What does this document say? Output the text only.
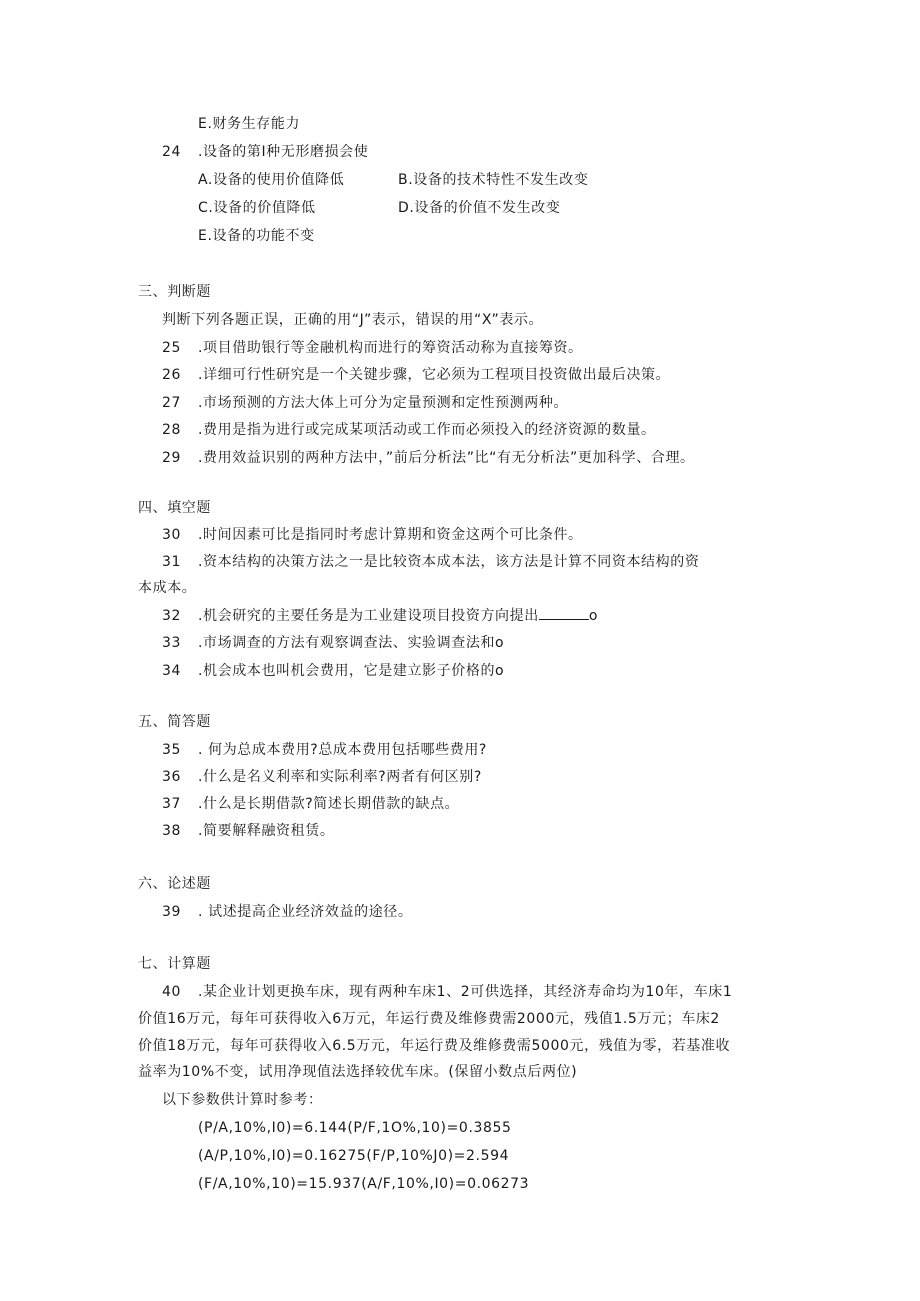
E.财务生存能力
24 .设备的第Ⅰ种无形磨损会使
A.设备的使用价值降低	B.设备的技术特性不发生改变
C.设备的价值降低	D.设备的价值不发生改变
E.设备的功能不变
三、判断题
判断下列各题正误，正确的用“J”表示，错误的用“X”表示。
25 .项目借助银行等金融机构而进行的筹资活动称为直接筹资。
26 .详细可行性研究是一个关键步骤，它必须为工程项目投资做出最后决策。
27 .市场预测的方法大体上可分为定量预测和定性预测两种。
28 .费用是指为进行或完成某项活动或工作而必须投入的经济资源的数量。
29 .费用效益识别的两种方法中，”前后分析法”比“有无分析法”更加科学、合理。
四、填空题
30 .时间因素可比是指同时考虑计算期和资金这两个可比条件。
31 .资本结构的决策方法之一是比较资本成本法，该方法是计算不同资本结构的资
本成本。
32 .机会研究的主要任务是为工业建设项目投资方向提出	o
33 .市场调查的方法有观察调查法、实验调查法和o
34 .机会成本也叫机会费用，它是建立影子价格的o
五、简答题
35 . 何为总成本费用?总成本费用包括哪些费用?
36 .什么是名义利率和实际利率?两者有何区别?
37 .什么是长期借款?简述长期借款的缺点。
38 .简要解释融资租赁。
六、论述题
39 . 试述提高企业经济效益的途径。
七、计算题
40 .某企业计划更换车床，现有两种车床1、2可供选择，其经济寿命均为10年，车床1
价值16万元，每年可获得收入6万元，年运行费及维修费需2000元，残值1.5万元；车床2
价值18万元，每年可获得收入6.5万元，年运行费及维修费需5000元，残值为零，若基准收
益率为10%不变，试用净现值法选择较优车床。(保留小数点后两位)
以下参数供计算时参考：
(P/A,10%,I0)=6.144(P/F,1O%,10)=0.3855
(A/P,10%,I0)=0.16275(F/P,10%J0)=2.594
(F/A,10%,10)=15.937(A/F,10%,I0)=0.06273
